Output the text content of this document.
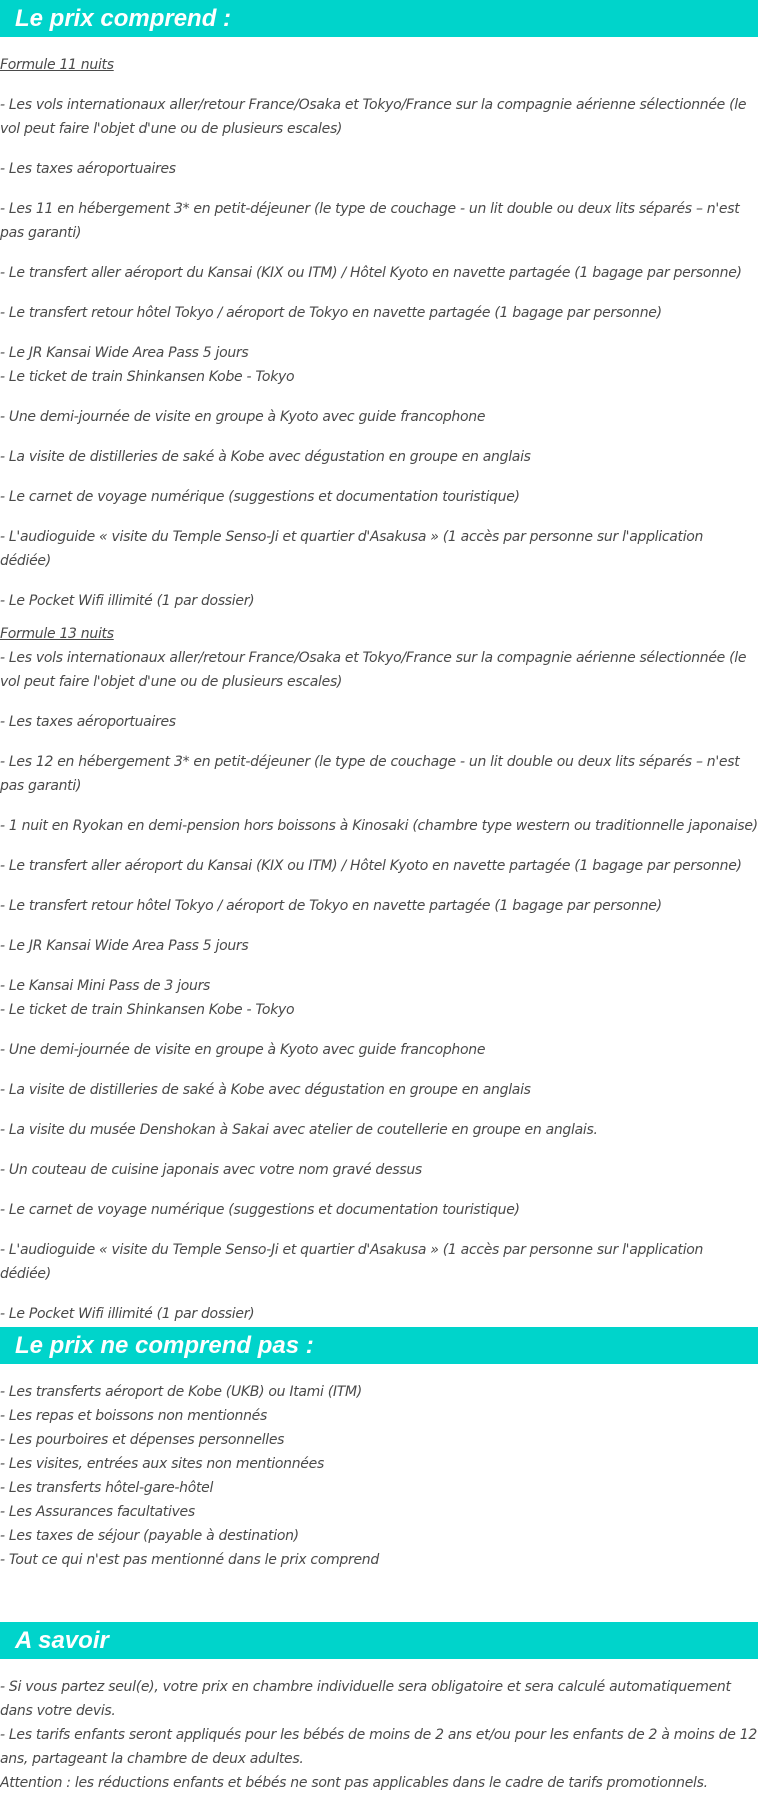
Le prix comprend :

Formule 11 nuits

- Les vols internationaux aller/retour France/Osaka et Tokyo/France sur la compagnie aérienne sélectionnée (le vol peut faire l'objet d'une ou de plusieurs escales)

- Les taxes aéroportuaires

- Les 11 en hébergement 3* en petit-déjeuner (le type de couchage - un lit double ou deux lits séparés – n'est pas garanti)

- Le transfert aller aéroport du Kansai (KIX ou ITM) / Hôtel Kyoto en navette partagée (1 bagage par personne)

- Le transfert retour hôtel Tokyo / aéroport de Tokyo en navette partagée (1 bagage par personne)

- Le JR Kansai Wide Area Pass 5 jours

- Le ticket de train Shinkansen Kobe - Tokyo

- Une demi-journée de visite en groupe à Kyoto avec guide francophone

- La visite de distilleries de saké à Kobe avec dégustation en groupe en anglais

- Le carnet de voyage numérique (suggestions et documentation touristique)

- L'audioguide « visite du Temple Senso-Ji et quartier d'Asakusa » (1 accès par personne sur l'application dédiée)

- Le Pocket Wifi illimité (1 par dossier)

Formule 13 nuits

- Les vols internationaux aller/retour France/Osaka et Tokyo/France sur la compagnie aérienne sélectionnée (le vol peut faire l'objet d'une ou de plusieurs escales)

- Les taxes aéroportuaires

- Les 12 en hébergement 3* en petit-déjeuner (le type de couchage - un lit double ou deux lits séparés – n'est pas garanti)

- 1 nuit en Ryokan en demi-pension hors boissons à Kinosaki (chambre type western ou traditionnelle japonaise)

- Le transfert aller aéroport du Kansai (KIX ou ITM) / Hôtel Kyoto en navette partagée (1 bagage par personne)

- Le transfert retour hôtel Tokyo / aéroport de Tokyo en navette partagée (1 bagage par personne)

- Le JR Kansai Wide Area Pass 5 jours

- Le Kansai Mini Pass de 3 jours

- Le ticket de train Shinkansen Kobe - Tokyo

- Une demi-journée de visite en groupe à Kyoto avec guide francophone

- La visite de distilleries de saké à Kobe avec dégustation en groupe en anglais

- La visite du musée Denshokan à Sakai avec atelier de coutellerie en groupe en anglais.

- Un couteau de cuisine japonais avec votre nom gravé dessus

- Le carnet de voyage numérique (suggestions et documentation touristique)

- L'audioguide « visite du Temple Senso-Ji et quartier d'Asakusa » (1 accès par personne sur l'application dédiée)

- Le Pocket Wifi illimité (1 par dossier)

Le prix ne comprend pas :

- Les transferts aéroport de Kobe (UKB) ou Itami (ITM)

- Les repas et boissons non mentionnés

- Les pourboires et dépenses personnelles

- Les visites, entrées aux sites non mentionnées

- Les transferts hôtel-gare-hôtel

- Les Assurances facultatives

- Les taxes de séjour (payable à destination)

- Tout ce qui n'est pas mentionné dans le prix comprend

A savoir

- Si vous partez seul(e), votre prix en chambre individuelle sera obligatoire et sera calculé automatiquement dans votre devis.

- Les tarifs enfants seront appliqués pour les bébés de moins de 2 ans et/ou pour les enfants de 2 à moins de 12 ans, partageant la chambre de deux adultes.

Attention : les réductions enfants et bébés ne sont pas applicables dans le cadre de tarifs promotionnels.
